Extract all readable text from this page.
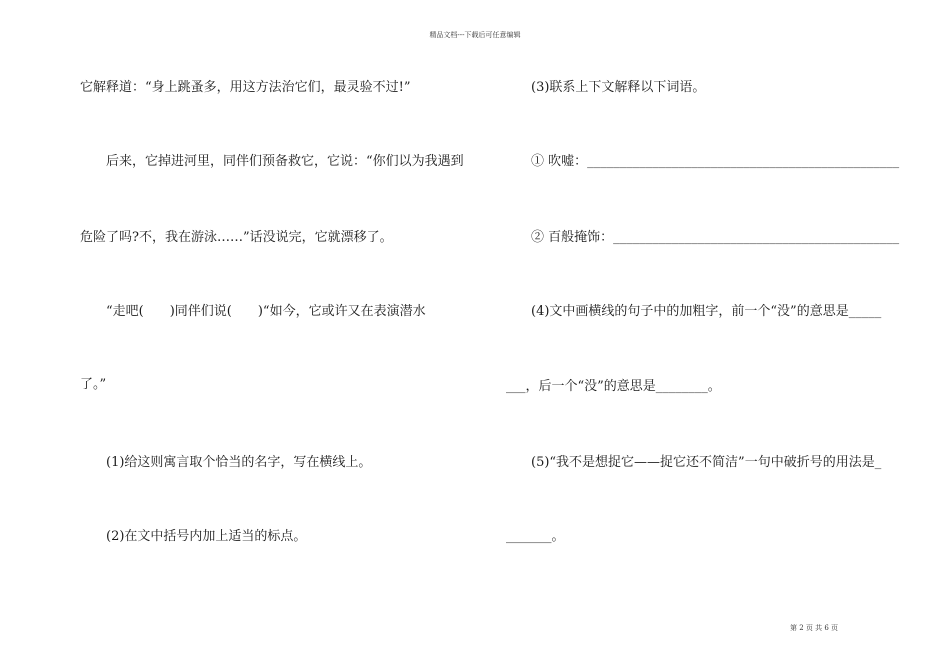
精品文档---下载后可任意编辑
它解释道：“身上跳蚤多，用这方法治它们，最灵验不过!”
后来，它掉进河里，同伴们预备救它，它说：“你们以为我遇到
危险了吗?不，我在游泳……”话没说完，它就漂移了。
“走吧(　　)同伴们说(　　)“如今，它或许又在表演潜水
了。”
(1)给这则寓言取个恰当的名字，写在横线上。
(2)在文中括号内加上适当的标点。
(3)联系上下文解释以下词语。
① 吹嘘：________________________________________________
② 百般掩饰：____________________________________________
(4)文中画横线的句子中的加粗字，前一个“没”的意思是_____
___，后一个“没”的意思是________。
(5)“我不是想捉它——捉它还不简洁”一句中破折号的用法是_
_______。
第 2 页 共 6 页
